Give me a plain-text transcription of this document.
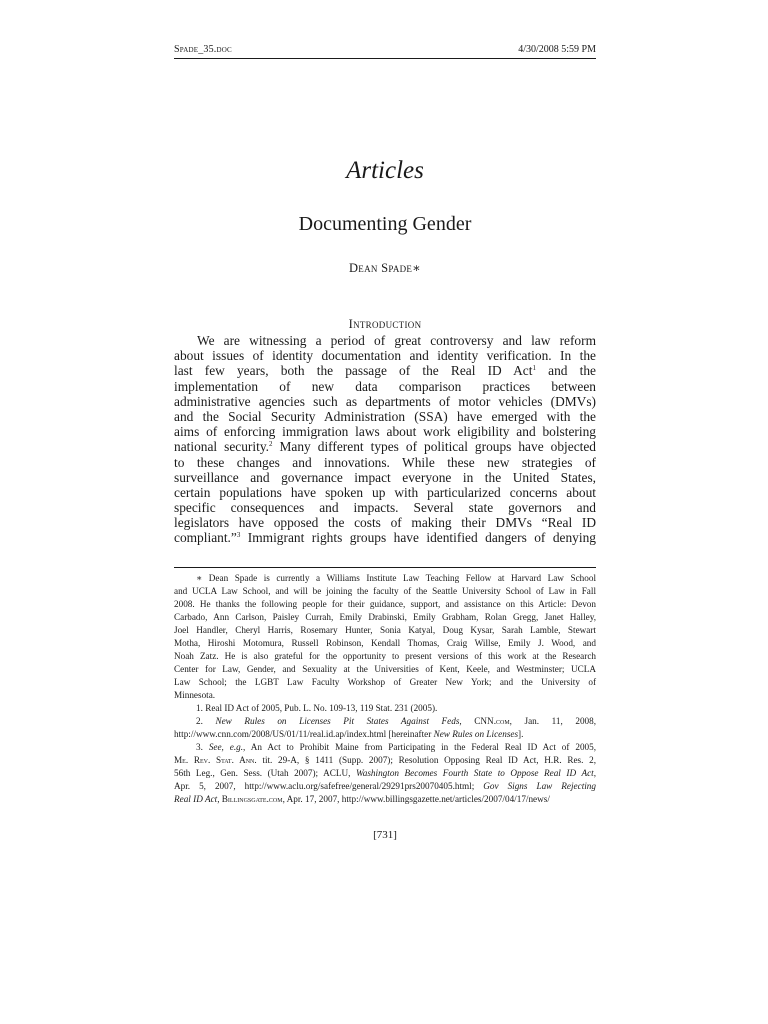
Spade_35.doc	4/30/2008 5:59 PM
Articles
Documenting Gender
Dean Spade∗
Introduction
We are witnessing a period of great controversy and law reform
about issues of identity documentation and identity verification. In the
last few years, both the passage of the Real ID Act$^1$ and the
implementation of new data comparison practices between
administrative agencies such as departments of motor vehicles (DMVs)
and the Social Security Administration (SSA) have emerged with the
aims of enforcing immigration laws about work eligibility and bolstering
national security.$^2$ Many different types of political groups have objected
to these changes and innovations. While these new strategies of
surveillance and governance impact everyone in the United States,
certain populations have spoken up with particularized concerns about
specific consequences and impacts. Several state governors and
legislators have opposed the costs of making their DMVs “Real ID
compliant.”$^3$ Immigrant rights groups have identified dangers of denying
∗ Dean Spade is currently a Williams Institute Law Teaching Fellow at Harvard Law School
and UCLA Law School, and will be joining the faculty of the Seattle University School of Law in Fall
2008. He thanks the following people for their guidance, support, and assistance on this Article: Devon
Carbado, Ann Carlson, Paisley Currah, Emily Drabinski, Emily Grabham, Rolan Gregg, Janet Halley,
Joel Handler, Cheryl Harris, Rosemary Hunter, Sonia Katyal, Doug Kysar, Sarah Lamble, Stewart
Motha, Hiroshi Motomura, Russell Robinson, Kendall Thomas, Craig Willse, Emily J. Wood, and
Noah Zatz. He is also grateful for the opportunity to present versions of this work at the Research
Center for Law, Gender, and Sexuality at the Universities of Kent, Keele, and Westminster; UCLA
Law School; the LGBT Law Faculty Workshop of Greater New York; and the University of
Minnesota.
1. Real ID Act of 2005, Pub. L. No. 109-13, 119 Stat. 231 (2005).
2. New Rules on Licenses Pit States Against Feds, CNN.com, Jan. 11, 2008,
http://www.cnn.com/2008/US/01/11/real.id.ap/index.html [hereinafter New Rules on Licenses].
3. See, e.g., An Act to Prohibit Maine from Participating in the Federal Real ID Act of 2005,
Me. Rev. Stat. Ann. tit. 29-A, § 1411 (Supp. 2007); Resolution Opposing Real ID Act, H.R. Res. 2,
56th Leg., Gen. Sess. (Utah 2007); ACLU, Washington Becomes Fourth State to Oppose Real ID Act,
Apr. 5, 2007, http://www.aclu.org/safefree/general/29291prs20070405.html; Gov Signs Law Rejecting
Real ID Act, Billingsgate.com, Apr. 17, 2007, http://www.billingsgazette.net/articles/2007/04/17/news/
[731]
